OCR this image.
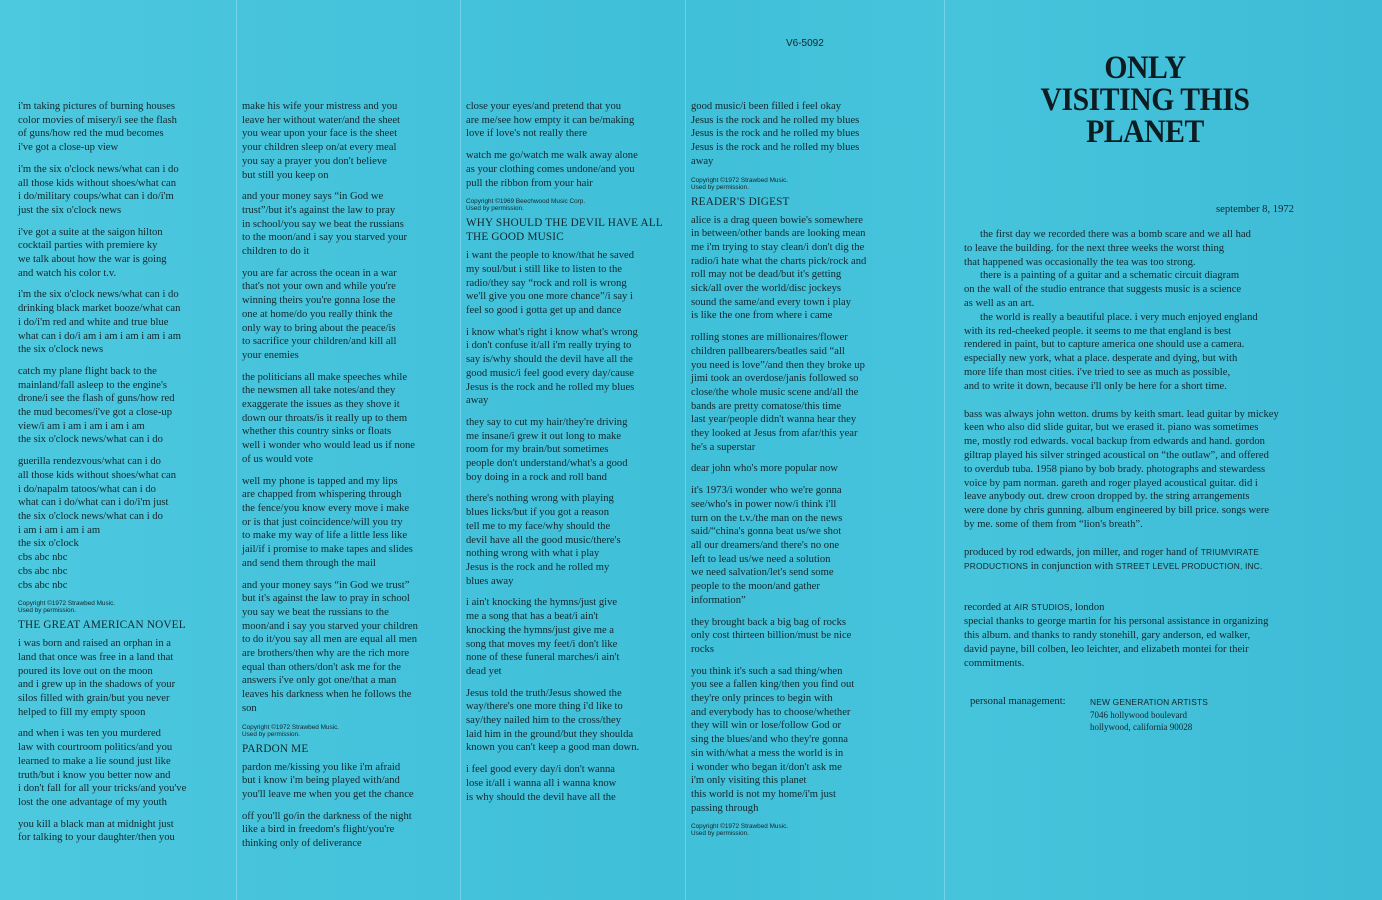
V6-5092
i'm taking pictures of burning houses
color movies of misery/i see the flash
of guns/how red the mud becomes
i've got a close-up view
i'm the six o'clock news/what can i do
all those kids without shoes/what can
i do/military coups/what can i do/i'm
just the six o'clock news
i've got a suite at the saigon hilton
cocktail parties with premiere ky
we talk about how the war is going
and watch his color t.v.
i'm the six o'clock news/what can i do
drinking black market booze/what can
i do/i'm red and white and true blue
what can i do/i am i am i am i am i am
the six o'clock news
catch my plane flight back to the
mainland/fall asleep to the engine's
drone/i see the flash of guns/how red
the mud becomes/i've got a close-up
view/i am i am i am i am i am
the six o'clock news/what can i do
guerilla rendezvous/what can i do
all those kids without shoes/what can
i do/napalm tatoos/what can i do
what can i do/what can i do/i'm just
the six o'clock news/what can i do
i am i am i am i am
the six o'clock
cbs abc nbc
cbs abc nbc
cbs abc nbc
Copyright ©1972 Strawbed Music.
Used by permission.
THE GREAT AMERICAN NOVEL
i was born and raised an orphan in a
land that once was free in a land that
poured its love out on the moon
and i grew up in the shadows of your
silos filled with grain/but you never
helped to fill my empty spoon
and when i was ten you murdered
law with courtroom politics/and you
learned to make a lie sound just like
truth/but i know you better now and
i don't fall for all your tricks/and you've
lost the one advantage of my youth
you kill a black man at midnight just
for talking to your daughter/then you
make his wife your mistress and you
leave her without water/and the sheet
you wear upon your face is the sheet
your children sleep on/at every meal
you say a prayer you don't believe
but still you keep on
and your money says “in God we
trust”/but it's against the law to pray
in school/you say we beat the russians
to the moon/and i say you starved your
children to do it
you are far across the ocean in a war
that's not your own and while you're
winning theirs you're gonna lose the
one at home/do you really think the
only way to bring about the peace/is
to sacrifice your children/and kill all
your enemies
the politicians all make speeches while
the newsmen all take notes/and they
exaggerate the issues as they shove it
down our throats/is it really up to them
whether this country sinks or floats
well i wonder who would lead us if none
of us would vote
well my phone is tapped and my lips
are chapped from whispering through
the fence/you know every move i make
or is that just coincidence/will you try
to make my way of life a little less like
jail/if i promise to make tapes and slides
and send them through the mail
and your money says “in God we trust”
but it's against the law to pray in school
you say we beat the russians to the
moon/and i say you starved your children
to do it/you say all men are equal all men
are brothers/then why are the rich more
equal than others/don't ask me for the
answers i've only got one/that a man
leaves his darkness when he follows the
son
Copyright ©1972 Strawbed Music.
Used by permission.
PARDON ME
pardon me/kissing you like i'm afraid
but i know i'm being played with/and
you'll leave me when you get the chance
off you'll go/in the darkness of the night
like a bird in freedom's flight/you're
thinking only of deliverance
close your eyes/and pretend that you
are me/see how empty it can be/making
love if love's not really there
watch me go/watch me walk away alone
as your clothing comes undone/and you
pull the ribbon from your hair
Copyright ©1969 Beechwood Music Corp.
Used by permission.
WHY SHOULD THE DEVIL HAVE ALL
THE GOOD MUSIC
i want the people to know/that he saved
my soul/but i still like to listen to the
radio/they say “rock and roll is wrong
we'll give you one more chance”/i say i
feel so good i gotta get up and dance
i know what's right i know what's wrong
i don't confuse it/all i'm really trying to
say is/why should the devil have all the
good music/i feel good every day/cause
Jesus is the rock and he rolled my blues
away
they say to cut my hair/they're driving
me insane/i grew it out long to make
room for my brain/but sometimes
people don't understand/what's a good
boy doing in a rock and roll band
there's nothing wrong with playing
blues licks/but if you got a reason
tell me to my face/why should the
devil have all the good music/there's
nothing wrong with what i play
Jesus is the rock and he rolled my
blues away
i ain't knocking the hymns/just give
me a song that has a beat/i ain't
knocking the hymns/just give me a
song that moves my feet/i don't like
none of these funeral marches/i ain't
dead yet
Jesus told the truth/Jesus showed the
way/there's one more thing i'd like to
say/they nailed him to the cross/they
laid him in the ground/but they shoulda
known you can't keep a good man down.
i feel good every day/i don't wanna
lose it/all i wanna all i wanna know
is why should the devil have all the
good music/i been filled i feel okay
Jesus is the rock and he rolled my blues
Jesus is the rock and he rolled my blues
Jesus is the rock and he rolled my blues
away
Copyright ©1972 Strawbed Music.
Used by permission.
READER'S DIGEST
alice is a drag queen bowie's somewhere
in between/other bands are looking mean
me i'm trying to stay clean/i don't dig the
radio/i hate what the charts pick/rock and
roll may not be dead/but it's getting
sick/all over the world/disc jockeys
sound the same/and every town i play
is like the one from where i came
rolling stones are millionaires/flower
children pallbearers/beatles said “all
you need is love”/and then they broke up
jimi took an overdose/janis followed so
close/the whole music scene and/all the
bands are pretty comatose/this time
last year/people didn't wanna hear they
they looked at Jesus from afar/this year
he's a superstar
dear john who's more popular now
it's 1973/i wonder who we're gonna
see/who's in power now/i think i'll
turn on the t.v./the man on the news
said/“china's gonna beat us/we shot
all our dreamers/and there's no one
left to lead us/we need a solution
we need salvation/let's send some
people to the moon/and gather
information”
they brought back a big bag of rocks
only cost thirteen billion/must be nice
rocks
you think it's such a sad thing/when
you see a fallen king/then you find out
they're only princes to begin with
and everybody has to choose/whether
they will win or lose/follow God or
sing the blues/and who they're gonna
sin with/what a mess the world is in
i wonder who began it/don't ask me
i'm only visiting this planet
this world is not my home/i'm just
passing through
Copyright ©1972 Strawbed Music.
Used by permission.
ONLY
VISITING THIS
PLANET
september 8, 1972
the first day we recorded there was a bomb scare and we all had
to leave the building. for the next three weeks the worst thing
that happened was occasionally the tea was too strong.
there is a painting of a guitar and a schematic circuit diagram
on the wall of the studio entrance that suggests music is a science
as well as an art.
the world is really a beautiful place. i very much enjoyed england
with its red-cheeked people. it seems to me that england is best
rendered in paint, but to capture america one should use a camera.
especially new york, what a place. desperate and dying, but with
more life than most cities. i've tried to see as much as possible,
and to write it down, because i'll only be here for a short time.
bass was always john wetton. drums by keith smart. lead guitar by mickey
keen who also did slide guitar, but we erased it. piano was sometimes
me, mostly rod edwards. vocal backup from edwards and hand. gordon
giltrap played his silver stringed acoustical on “the outlaw”, and offered
to overdub tuba. 1958 piano by bob brady. photographs and stewardess
voice by pam norman. gareth and roger played acoustical guitar. did i
leave anybody out. drew croon dropped by. the string arrangements
were done by chris gunning. album engineered by bill price. songs were
by me. some of them from “lion's breath”.
produced by rod edwards, jon miller, and roger hand of TRIUMVIRATE
PRODUCTIONS in conjunction with STREET LEVEL PRODUCTION, INC.
recorded at AIR STUDIOS, london
special thanks to george martin for his personal assistance in organizing
this album. and thanks to randy stonehill, gary anderson, ed walker,
david payne, bill colben, leo leichter, and elizabeth montei for their
commitments.
personal management:	NEW GENERATION ARTISTS
7046 hollywood boulevard
hollywood, california 90028
